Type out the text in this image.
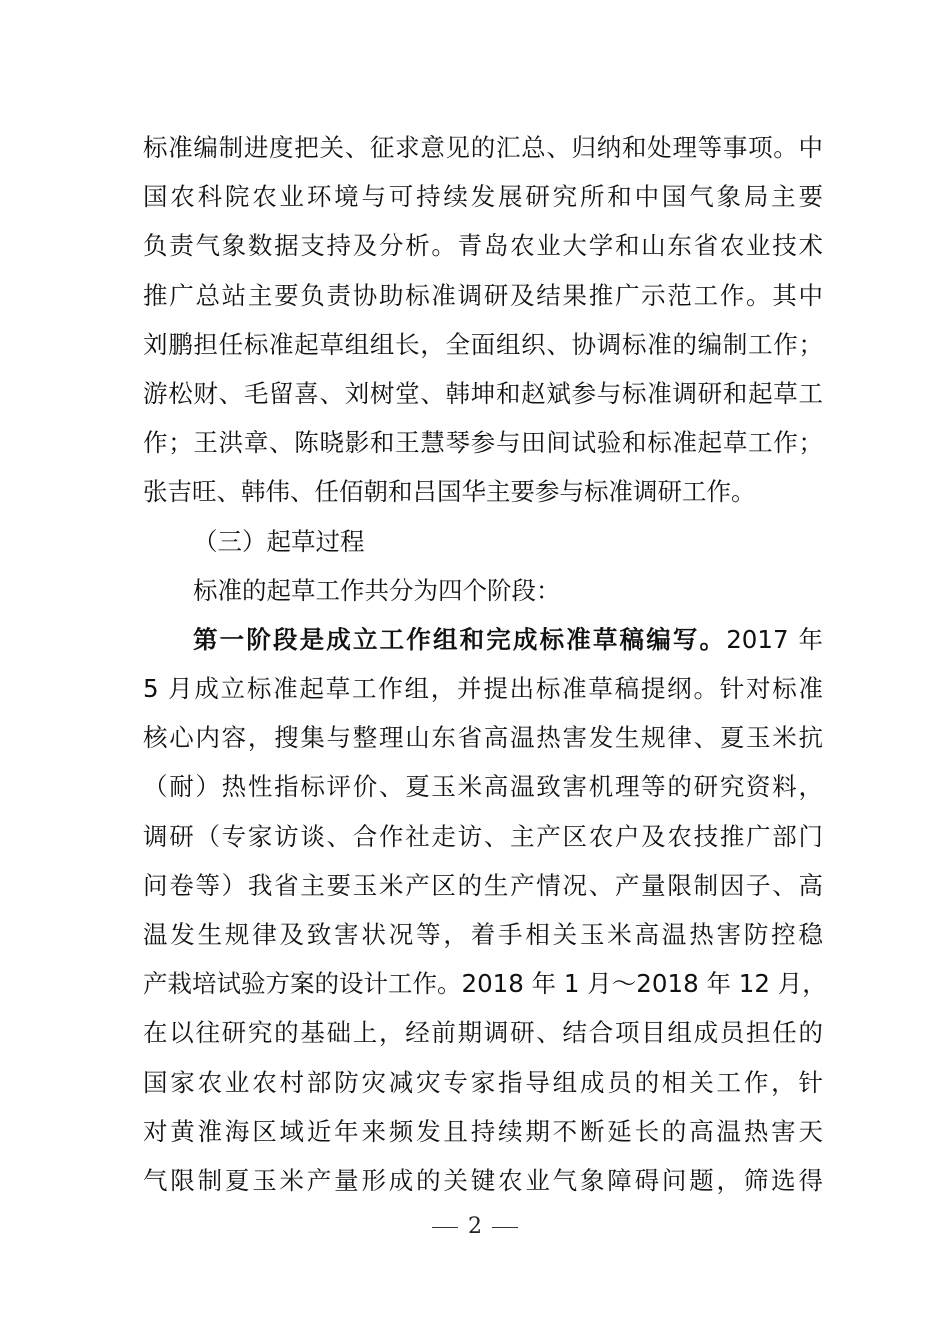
标准编制进度把关、征求意见的汇总、归纳和处理等事项。中
国农科院农业环境与可持续发展研究所和中国气象局主要
负责气象数据支持及分析。青岛农业大学和山东省农业技术
推广总站主要负责协助标准调研及结果推广示范工作。其中
刘鹏担任标准起草组组长，全面组织、协调标准的编制工作；
游松财、毛留喜、刘树堂、韩坤和赵斌参与标准调研和起草工
作；王洪章、陈晓影和王慧琴参与田间试验和标准起草工作；
张吉旺、韩伟、任佰朝和吕国华主要参与标准调研工作。
（三）起草过程
标准的起草工作共分为四个阶段：
第一阶段是成立工作组和完成标准草稿编写。2017 年
5 月成立标准起草工作组，并提出标准草稿提纲。针对标准
核心内容，搜集与整理山东省高温热害发生规律、夏玉米抗
（耐）热性指标评价、夏玉米高温致害机理等的研究资料，
调研（专家访谈、合作社走访、主产区农户及农技推广部门
问卷等）我省主要玉米产区的生产情况、产量限制因子、高
温发生规律及致害状况等，着手相关玉米高温热害防控稳
产栽培试验方案的设计工作。2018 年 1 月～2018 年 12 月，
在以往研究的基础上，经前期调研、结合项目组成员担任的
国家农业农村部防灾减灾专家指导组成员的相关工作，针
对黄淮海区域近年来频发且持续期不断延长的高温热害天
气限制夏玉米产量形成的关键农业气象障碍问题，筛选得
2
